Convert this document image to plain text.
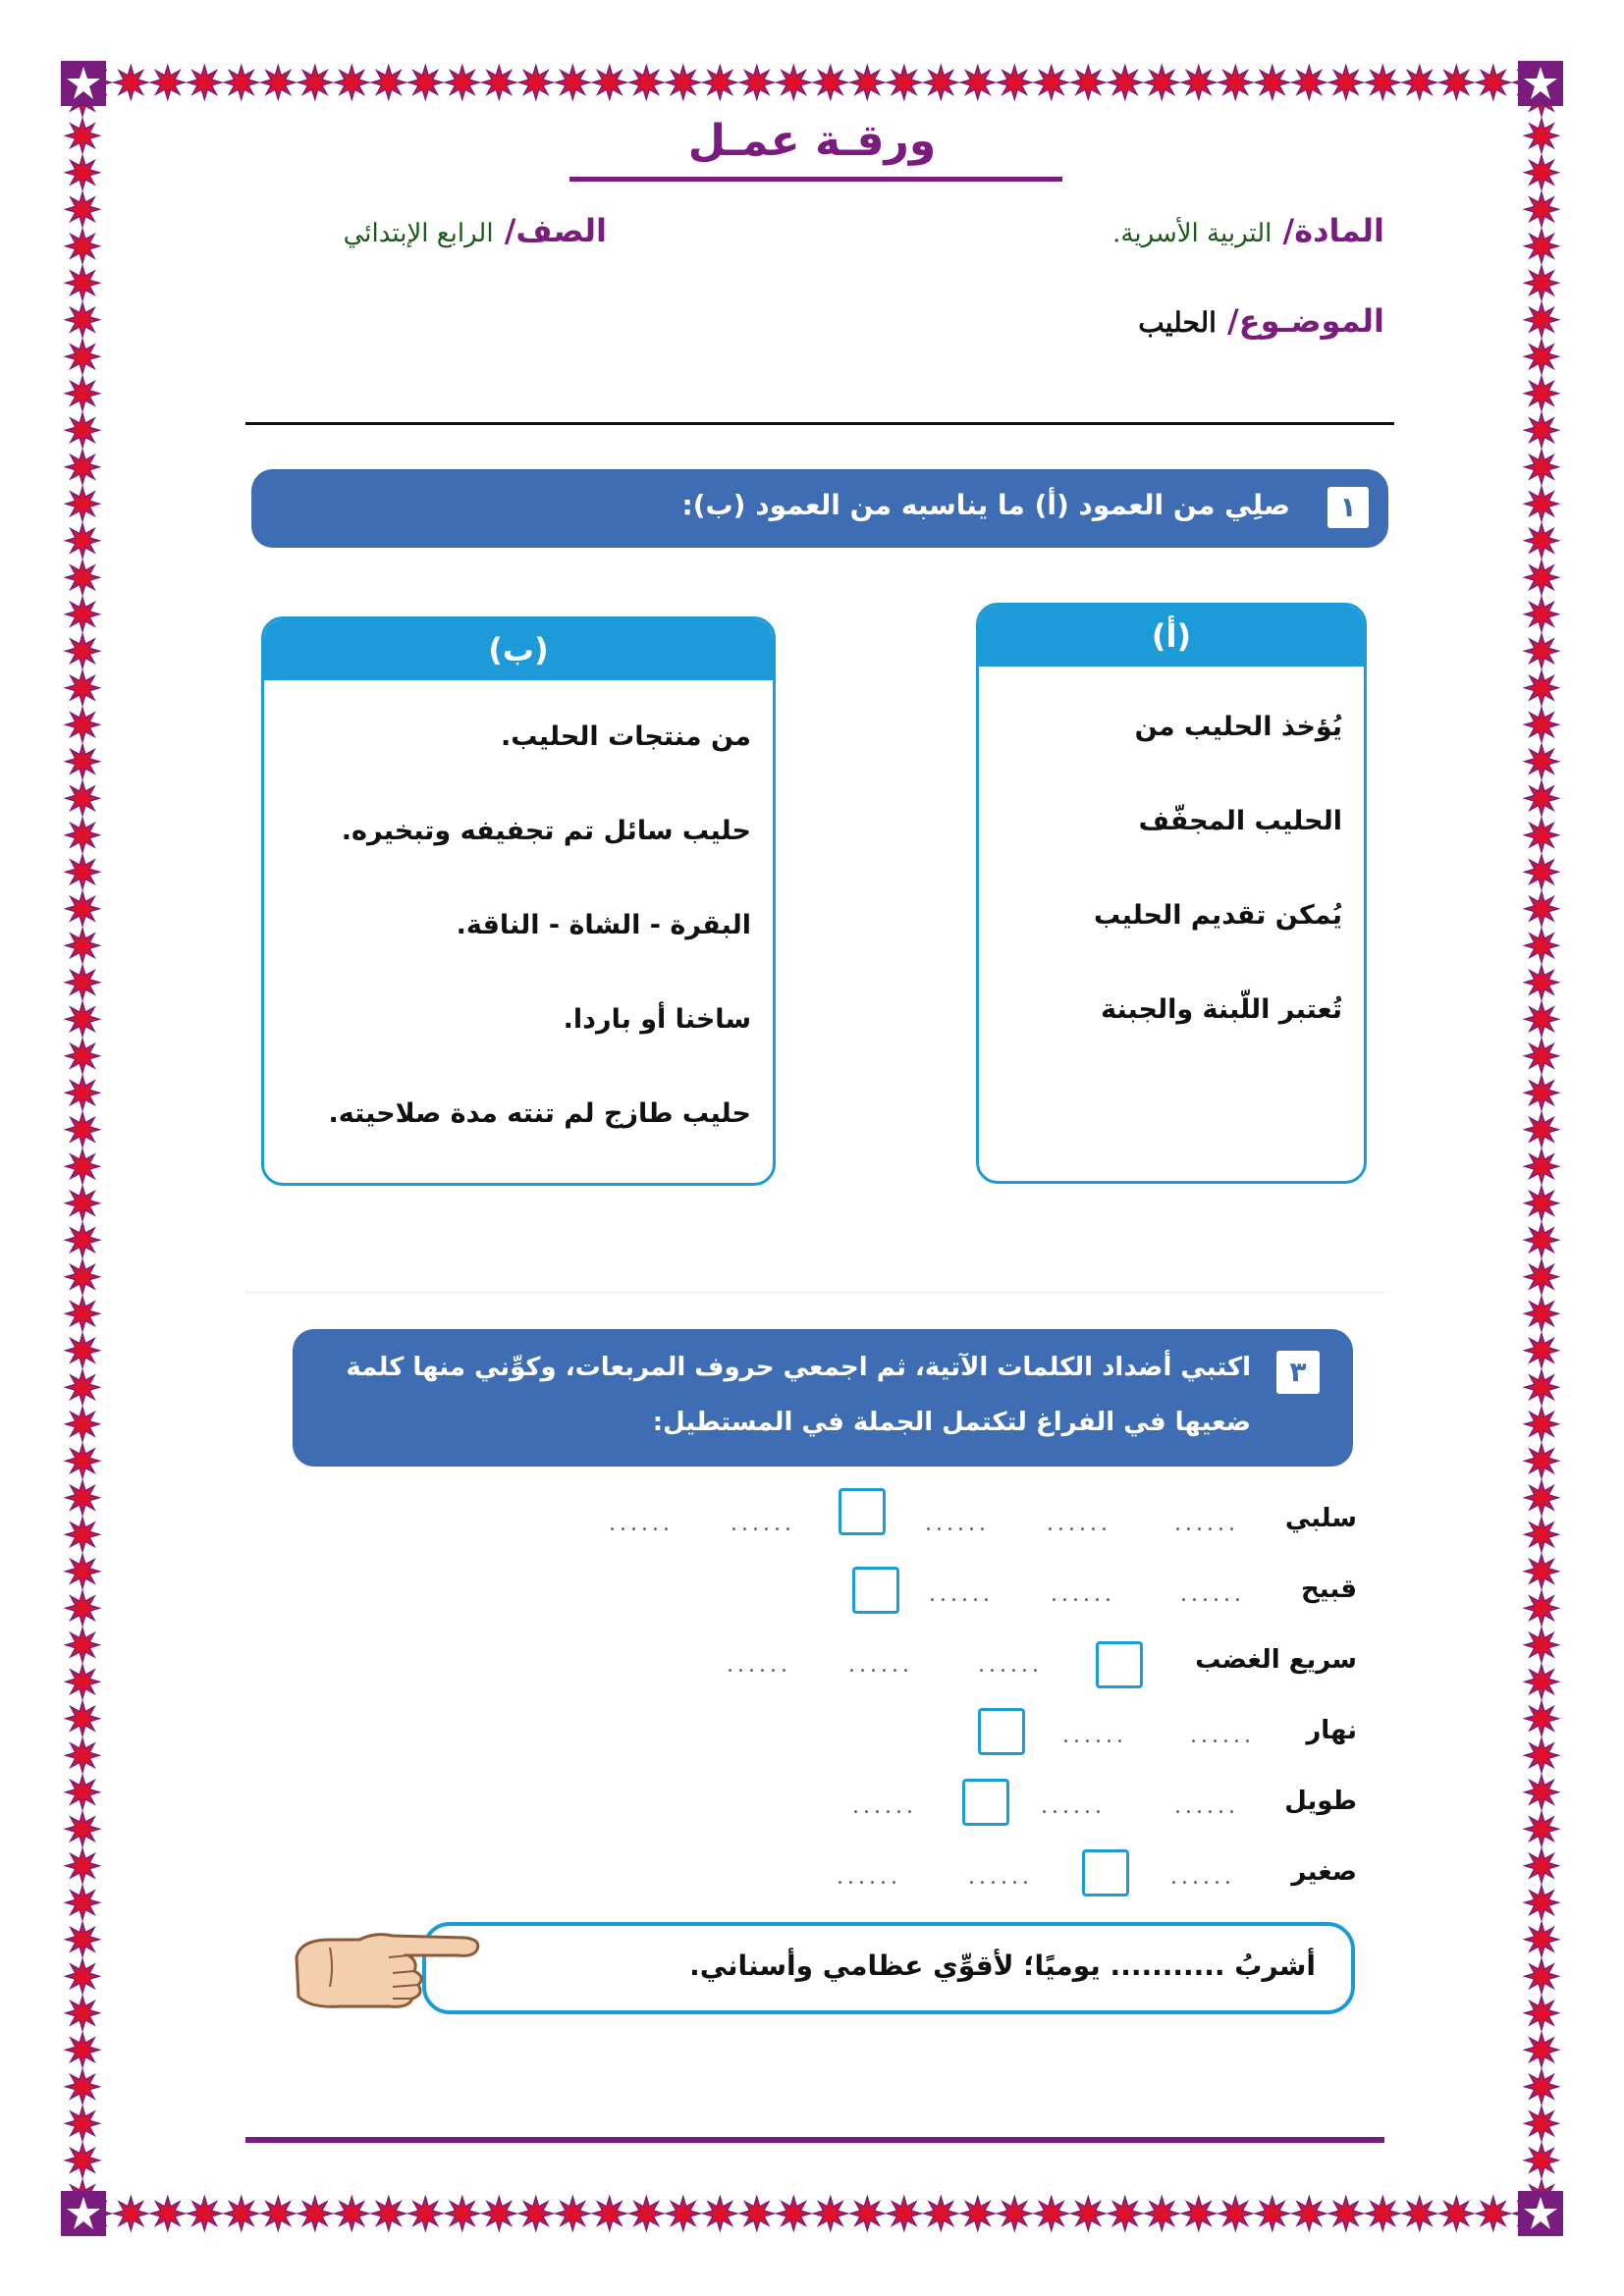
ورقـة عمـل
المادة/ التربية الأسرية.
الصف/ الرابع الإبتدائي
الموضـوع/ الحليب
١
صلِي من العمود (أ) ما يناسبه من العمود (ب):
(أ)
يُؤخذ الحليب من
الحليب المجفّف
يُمكن تقديم الحليب
تُعتبر اللّبنة والجبنة
(ب)
من منتجات الحليب.
حليب سائل تم تجفيفه وتبخيره.
البقرة - الشاة - الناقة.
ساخنا أو باردا.
حليب طازج لم تنته مدة صلاحيته.
٣
اكتبي أضداد الكلمات الآتية، ثم اجمعي حروف المربعات، وكوِّني منها كلمة
ضعيها في الفراغ لتكتمل الجملة في المستطيل:
سلبي
......
......
......
......
......
قبيح
......
......
......
سريع الغضب
......
......
......
نهار
......
......
طويل
......
......
......
صغير
......
......
......
أشربُ ........... يوميًا؛ لأقوِّي عظامي وأسناني.
